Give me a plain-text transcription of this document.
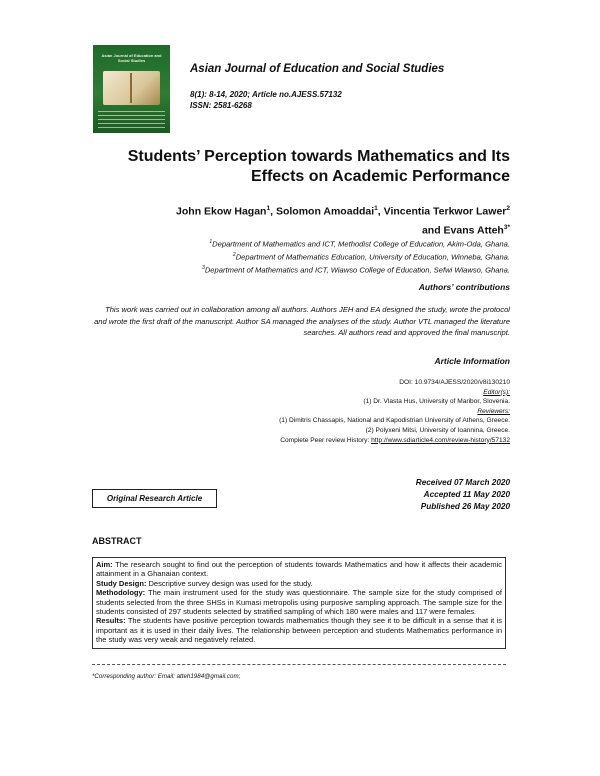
Asian Journal of Education and Social Studies
Asian Journal of Education and Social Studies
8(1): 8-14, 2020; Article no.AJESS.57132
ISSN: 2581-6268
Students’ Perception towards Mathematics and Its
Effects on Academic Performance
John Ekow Hagan$^1$, Solomon Amoaddai$^1$, Vincentia Terkwor Lawer$^2$
and Evans Atteh$^{3*}$
$^1$Department of Mathematics and ICT, Methodist College of Education, Akim-Oda, Ghana.
$^2$Department of Mathematics Education, University of Education, Winneba, Ghana.
$^3$Department of Mathematics and ICT, Wiawso College of Education, Sefwi Wiawso, Ghana.
Authors’ contributions
This work was carried out in collaboration among all authors. Authors JEH and EA designed the study, wrote the protocol and wrote the first draft of the manuscript. Author SA managed the analyses of the study. Author VTL managed the literature searches. All authors read and approved the final manuscript.
Article Information
DOI: 10.9734/AJESS/2020/v8i130210
Editor(s):
(1) Dr. Vlasta Hus, University of Maribor, Slovenia.
Reviewers:
(1) Dimitris Chassapis, National and Kapodistrian University of Athens, Greece.
(2) Polyxeni Mitsi, University of Ioannina, Greece.
Complete Peer review History: http://www.sdiarticle4.com/review-history/57132
Received 07 March 2020
Accepted 11 May 2020
Published 26 May 2020
Original Research Article
ABSTRACT

Aim: The research sought to find out the perception of students towards Mathematics and how it affects their academic attainment in a Ghanaian context.

Study Design: Descriptive survey design was used for the study.

Methodology: The main instrument used for the study was questionnaire. The sample size for the study comprised of students selected from the three SHSs in Kumasi metropolis using purposive sampling approach. The sample size for the students consisted of 297 students selected by stratified sampling of which 180 were males and 117 were females.

Results: The students have positive perception towards mathematics though they see it to be difficult in a sense that it is important as it is used in their daily lives. The relationship between perception and students Mathematics performance in the study was very weak and negatively related.

*Corresponding author: Email: atteh1984@gmail.com;
